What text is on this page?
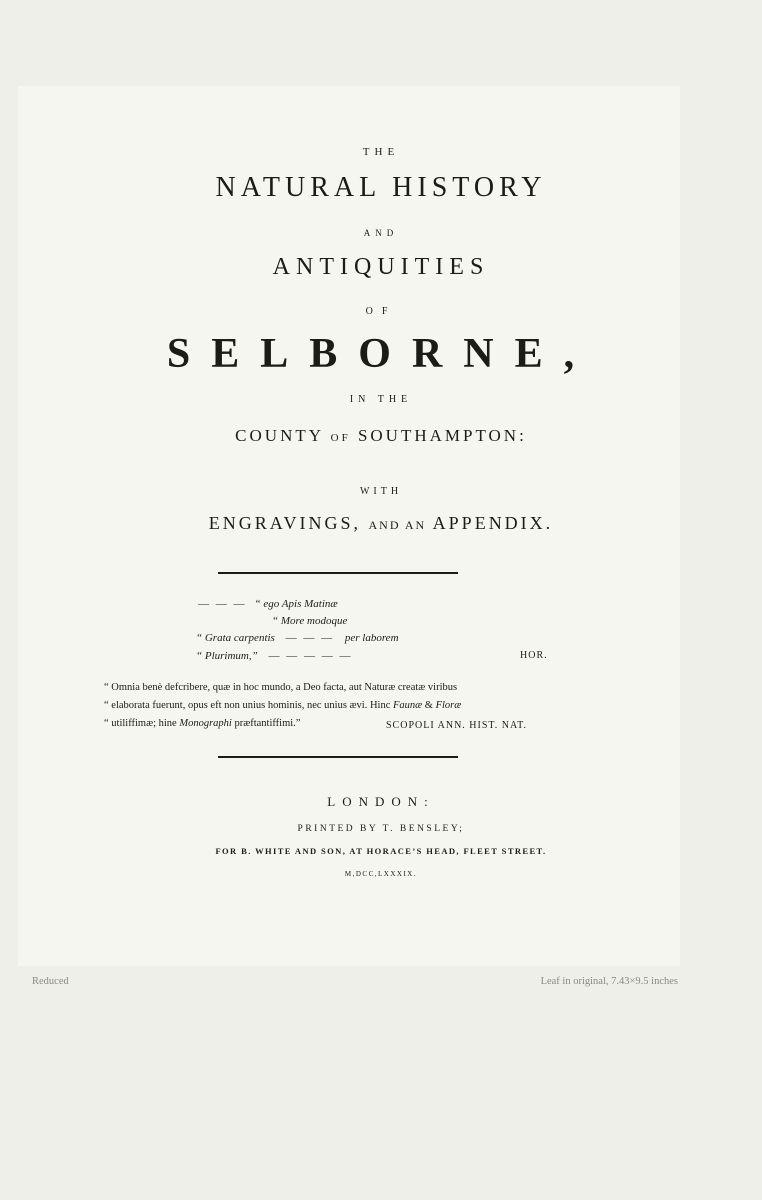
THE
NATURAL HISTORY
AND
ANTIQUITIES
OF
SELBORNE,
IN THE
COUNTY OF SOUTHAMPTON:
WITH
ENGRAVINGS, AND AN APPENDIX.
— — — “ ego Apis Matinæ
“ More modoque
“ Grata carpentis — — — per laborem
“ Plurimum,” — — — — —	HOR.
“ Omnia benè defcribere, quæ in hoc mundo, a Deo facta, aut Naturæ creatæ viribus
“ elaborata fuerunt, opus eft non unius hominis, nec unius ævi. Hinc Faunæ & Floræ
“ utiliffimæ; hine Monographi præftantiffimi.”	SCOPOLI ANN. HIST. NAT.
LONDON:
PRINTED BY T. BENSLEY;
FOR B. WHITE AND SON, AT HORACE’S HEAD, FLEET STREET.
M,DCC,LXXXIX.
Reduced	Leaf in original, 7.43×9.5 inches
